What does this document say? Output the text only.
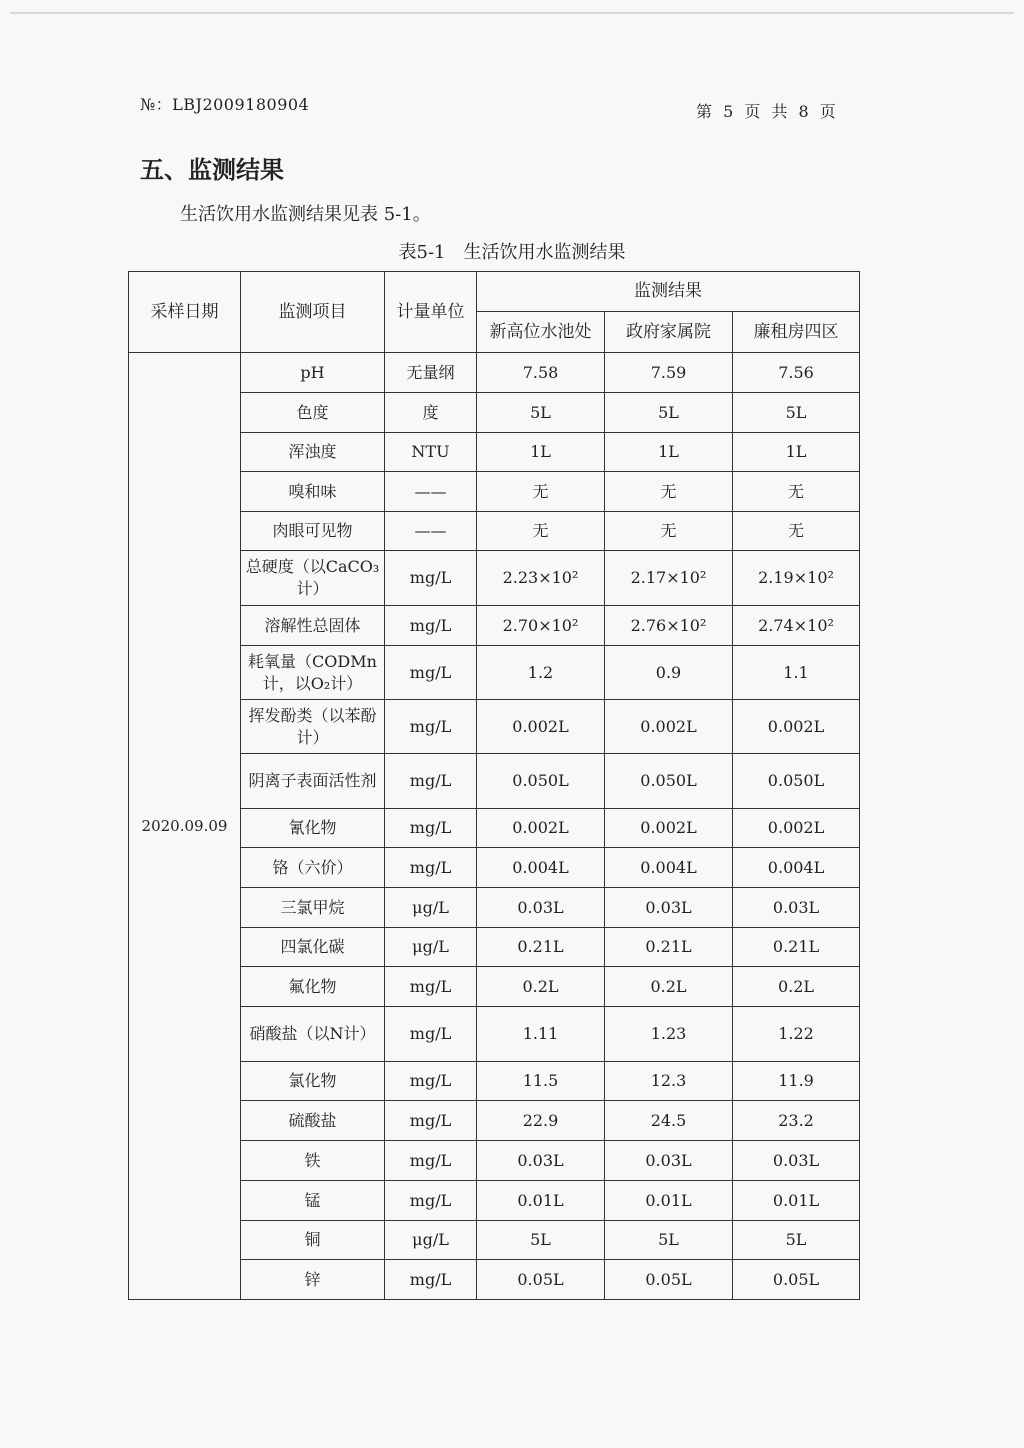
№：LBJ2009180904	第 5 页 共 8 页
五、监测结果
生活饮用水监测结果见表 5-1。
表5-1　生活饮用水监测结果
采样日期	监测项目	计量单位	监测结果		
			新高位水池处	政府家属院	廉租房四区
2020.09.09	pH	无量纲	7.58	7.59	7.56
	色度	度	5L	5L	5L
	浑浊度	NTU	1L	1L	1L
	嗅和味	——	无	无	无
	肉眼可见物	——	无	无	无
	总硬度（以CaCO₃计）	mg/L	2.23×10²	2.17×10²	2.19×10²
	溶解性总固体	mg/L	2.70×10²	2.76×10²	2.74×10²
	耗氧量（CODMn计，以O₂计）	mg/L	1.2	0.9	1.1
	挥发酚类（以苯酚计）	mg/L	0.002L	0.002L	0.002L
	阴离子表面活性剂	mg/L	0.050L	0.050L	0.050L
	氰化物	mg/L	0.002L	0.002L	0.002L
	铬（六价）	mg/L	0.004L	0.004L	0.004L
	三氯甲烷	μg/L	0.03L	0.03L	0.03L
	四氯化碳	μg/L	0.21L	0.21L	0.21L
	氟化物	mg/L	0.2L	0.2L	0.2L
	硝酸盐（以N计）	mg/L	1.11	1.23	1.22
	氯化物	mg/L	11.5	12.3	11.9
	硫酸盐	mg/L	22.9	24.5	23.2
	铁	mg/L	0.03L	0.03L	0.03L
	锰	mg/L	0.01L	0.01L	0.01L
	铜	μg/L	5L	5L	5L
	锌	mg/L	0.05L	0.05L	0.05L
